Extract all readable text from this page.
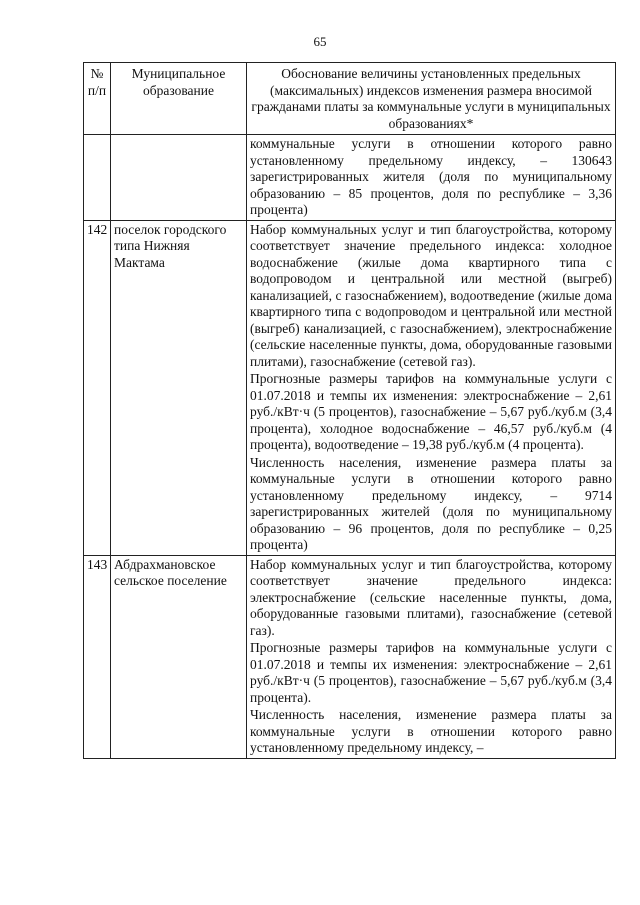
65
№ п/п	Муниципальное образование	Обоснование величины установленных предельных (максимальных) индексов изменения размера вносимой гражданами платы за коммунальные услуги в муниципальных образованиях*

		коммунальные услуги в отношении которого равно установленному предельному индексу, – 130643 зарегистрированных жителя (доля по муниципальному образованию – 85 процентов, доля по республике – 3,36 процента)

142	поселок городского типа Нижняя Мактама	Набор коммунальных услуг и тип благоустройства, которому соответствует значение предельного индекса: холодное водоснабжение (жилые дома квартирного типа с водопроводом и центральной или местной (выгреб) канализацией, с газоснабжением), водоотведение (жилые дома квартирного типа с водопроводом и центральной или местной (выгреб) канализацией, с газоснабжением), электроснабжение (сельские населенные пункты, дома, оборудованные газовыми плитами), газоснабжение (сетевой газ).

Прогнозные размеры тарифов на коммунальные услуги с 01.07.2018 и темпы их изменения: электроснабжение – 2,61 руб./кВт·ч (5 процентов), газоснабжение – 5,67 руб./куб.м (3,4 процента), холодное водоснабжение – 46,57 руб./куб.м (4 процента), водоотведение – 19,38 руб./куб.м (4 процента).

Численность населения, изменение размера платы за коммунальные услуги в отношении которого равно установленному предельному индексу, – 9714 зарегистрированных жителей (доля по муниципальному образованию – 96 процентов, доля по республике – 0,25 процента)

143	Абдрахмановское сельское поселение	Набор коммунальных услуг и тип благоустройства, которому соответствует значение предельного индекса: электроснабжение (сельские населенные пункты, дома, оборудованные газовыми плитами), газоснабжение (сетевой газ).

Прогнозные размеры тарифов на коммунальные услуги с 01.07.2018 и темпы их изменения: электроснабжение – 2,61 руб./кВт·ч (5 процентов), газоснабжение – 5,67 руб./куб.м (3,4 процента).

Численность населения, изменение размера платы за коммунальные услуги в отношении которого равно установленному предельному индексу, –
